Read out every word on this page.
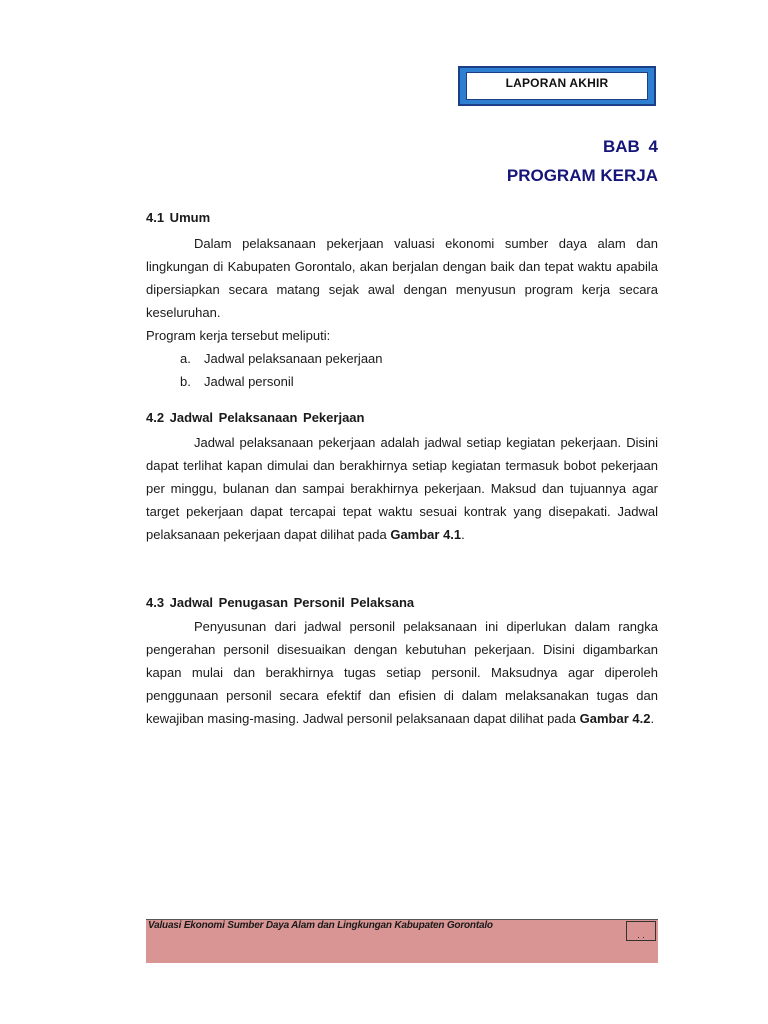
LAPORAN AKHIR
BAB 4
PROGRAM KERJA
4.1 Umum

Dalam pelaksanaan pekerjaan valuasi ekonomi sumber daya alam dan lingkungan di Kabupaten Gorontalo, akan berjalan dengan baik dan tepat waktu apabila dipersiapkan secara matang sejak awal dengan menyusun program kerja secara keseluruhan.

Program kerja tersebut meliputi:

a.	Jadwal pelaksanaan pekerjaan
b.	Jadwal personil
4.2 Jadwal Pelaksanaan Pekerjaan

Jadwal pelaksanaan pekerjaan adalah jadwal setiap kegiatan pekerjaan. Disini dapat terlihat kapan dimulai dan berakhirnya setiap kegiatan termasuk bobot pekerjaan per minggu, bulanan dan sampai berakhirnya pekerjaan. Maksud dan tujuannya agar target pekerjaan dapat tercapai tepat waktu sesuai kontrak yang disepakati. Jadwal pelaksanaan pekerjaan dapat dilihat pada Gambar 4.1.

4.3 Jadwal Penugasan Personil Pelaksana

Penyusunan dari jadwal personil pelaksanaan ini diperlukan dalam rangka pengerahan personil disesuaikan dengan kebutuhan pekerjaan. Disini digambarkan kapan mulai dan berakhirnya tugas setiap personil. Maksudnya agar diperoleh penggunaan personil secara efektif dan efisien di dalam melaksanakan tugas dan kewajiban masing-masing. Jadwal personil pelaksanaan dapat dilihat pada Gambar 4.2.

Valuasi Ekonomi Sumber Daya Alam dan Lingkungan Kabupaten Gorontalo
. .
